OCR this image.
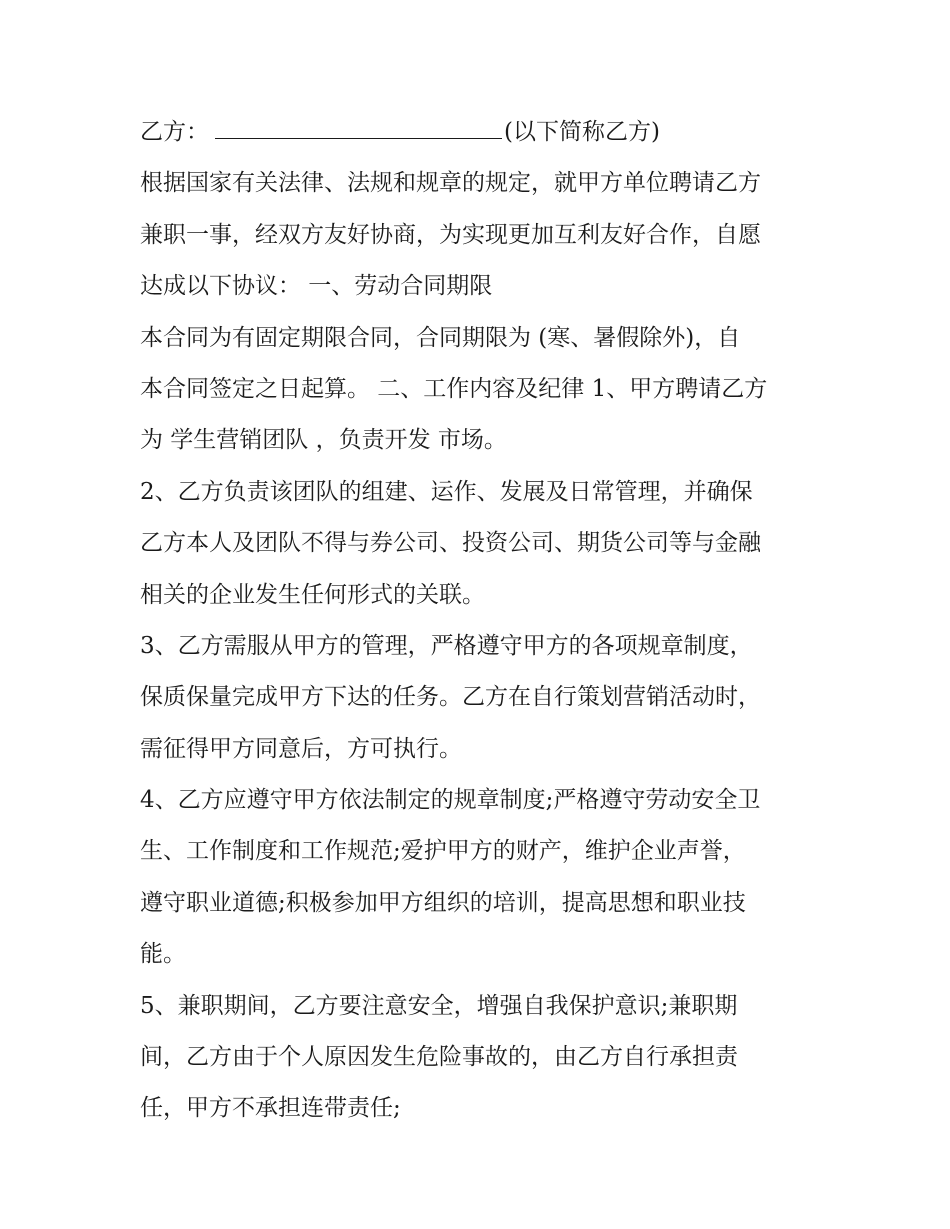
乙方：	(以下简称乙方)
根据国家有关法律、法规和规章的规定，就甲方单位聘请乙方
兼职一事，经双方友好协商，为实现更加互利友好合作，自愿
达成以下协议： 一、劳动合同期限
本合同为有固定期限合同，合同期限为 (寒、暑假除外)，自
本合同签定之日起算。 二、工作内容及纪律 1、甲方聘请乙方
为 学生营销团队 ，负责开发 市场。
2、乙方负责该团队的组建、运作、发展及日常管理，并确保
乙方本人及团队不得与券公司、投资公司、期货公司等与金融
相关的企业发生任何形式的关联。
3、乙方需服从甲方的管理，严格遵守甲方的各项规章制度，
保质保量完成甲方下达的任务。乙方在自行策划营销活动时，
需征得甲方同意后，方可执行。
4、乙方应遵守甲方依法制定的规章制度;严格遵守劳动安全卫
生、工作制度和工作规范;爱护甲方的财产，维护企业声誉，
遵守职业道德;积极参加甲方组织的培训，提高思想和职业技
能。
5、兼职期间，乙方要注意安全，增强自我保护意识;兼职期
间，乙方由于个人原因发生危险事故的，由乙方自行承担责
任，甲方不承担连带责任;
